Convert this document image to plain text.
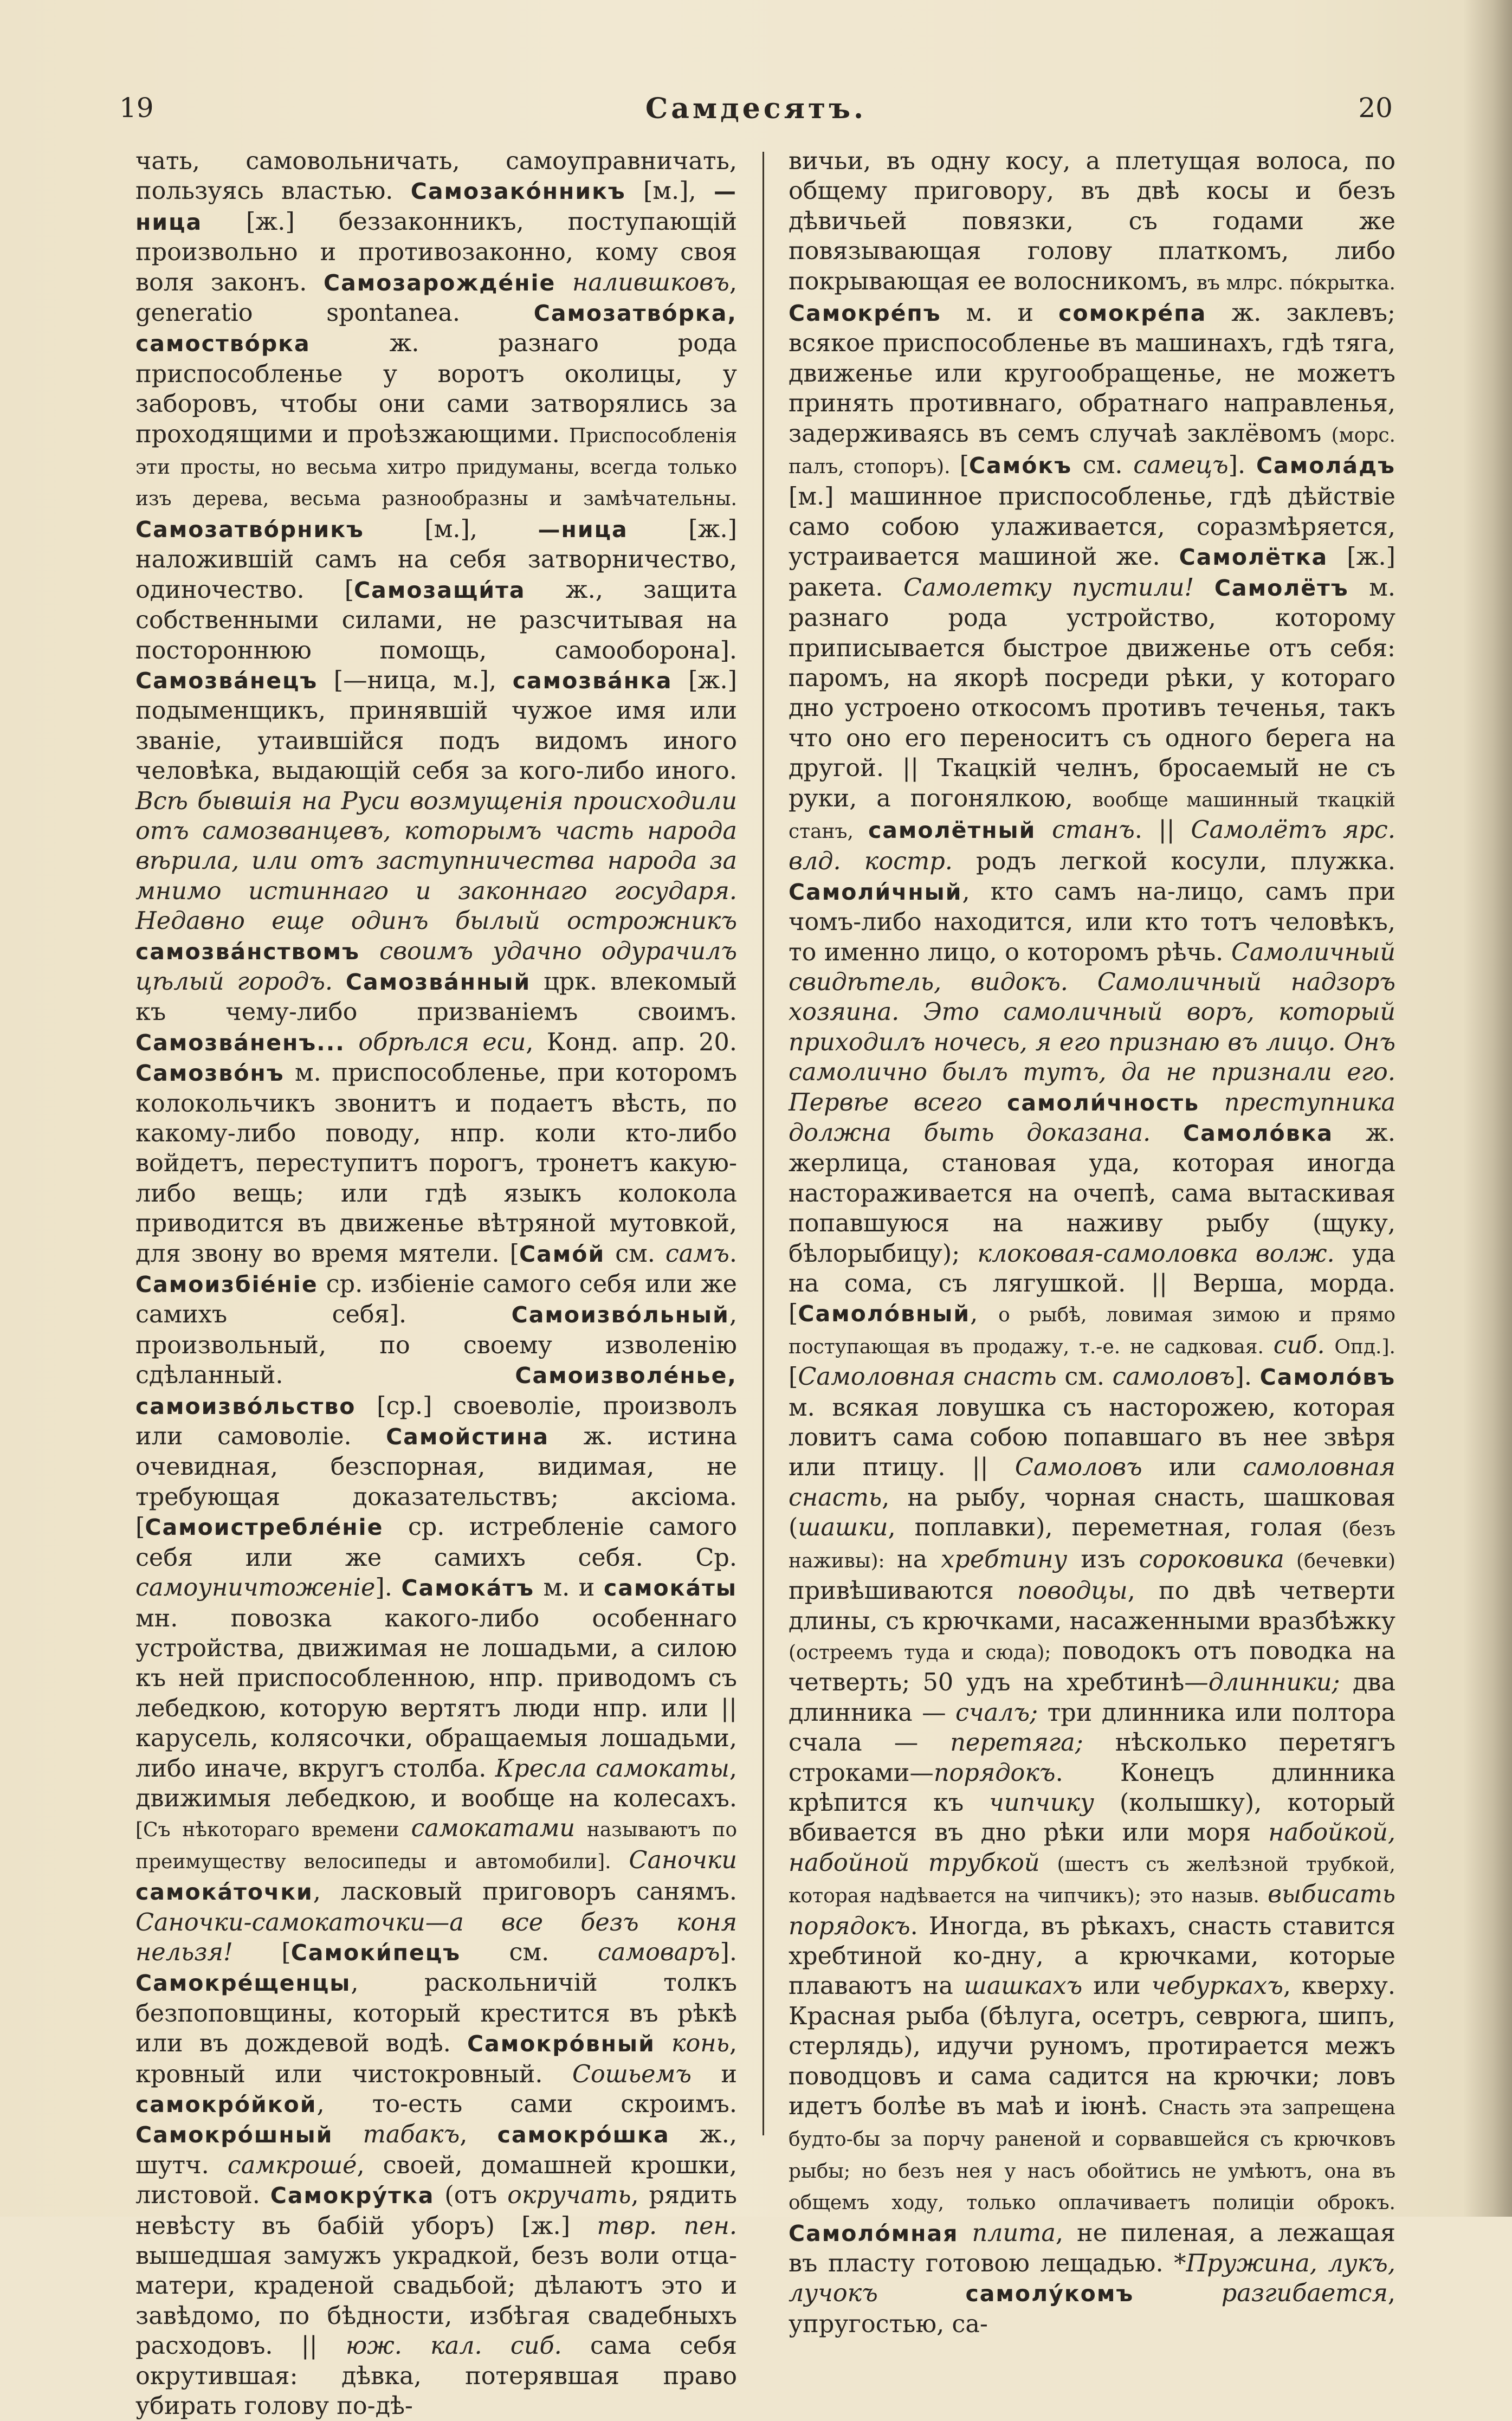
19	Самдесятъ.	20

чать, самовольничать, самоуправничать, пользуясь властью. Самозако́нникъ [м.], —ница [ж.] беззаконникъ, поступающій произвольно и противозаконно, кому своя воля законъ. Самозарожде́ніе налившковъ, generatio spontanea. Самозатво́рка, самоство́рка ж. разнаго рода приспособленье у воротъ околицы, у заборовъ, чтобы они сами затворялись за проходящими и проѣзжающими. Приспособленія эти просты, но весьма хитро придуманы, всегда только изъ дерева, весьма разнообразны и замѣчательны. Самозатво́рникъ [м.], —ница [ж.] наложившій самъ на себя затворничество, одиночество. [Самозащи́та ж., защита собственными силами, не разсчитывая на постороннюю помощь, самооборона]. Самозва́нецъ [—ница, м.], самозва́нка [ж.] подыменщикъ, принявшій чужое имя или званіе, утаившійся подъ видомъ иного человѣка, выдающій себя за кого-либо иного. Всѣ бывшія на Руси возмущенія происходили отъ самозванцевъ, которымъ часть народа вѣрила, или отъ заступничества народа за мнимо истиннаго и законнаго государя. Недавно еще одинъ былый острожникъ самозва́нствомъ своимъ удачно одурачилъ цѣлый городъ. Самозва́нный црк. влекомый къ чему-либо призваніемъ своимъ. Самозва́ненъ... обрѣлся еси, Конд. апр. 20. Самозво́нъ м. приспособленье, при которомъ колокольчикъ звонитъ и подаетъ вѣсть, по какому-либо поводу, нпр. коли кто-либо войдетъ, переступитъ порогъ, тронетъ какую-либо вещь; или гдѣ языкъ колокола приводится въ движенье вѣтряной мутовкой, для звону во время мятели. [Само́й см. самъ. Самоизбіе́ніе ср. избіеніе самого себя или же самихъ себя]. Самоизво́льный, произвольный, по своему изволенію сдѣланный. Самоизволе́нье, самоизво́льство [ср.] своеволіе, произволъ или самоволіе. Самойстина ж. истина очевидная, безспорная, видимая, не требующая доказательствъ; аксіома. [Самоистребле́ніе ср. истребленіе самого себя или же самихъ себя. Ср. самоуничтоженіе]. Самока́тъ м. и самока́ты мн. повозка какого-либо особеннаго устройства, движимая не лошадьми, а силою къ ней приспособленною, нпр. приводомъ съ лебедкою, которую вертятъ люди нпр. или || карусель, колясочки, обращаемыя лошадьми, либо иначе, вкругъ столба. Кресла самокаты, движимыя лебедкою, и вообще на колесахъ. [Съ нѣкотораго времени самокатами называютъ по преимуществу велосипеды и автомобили]. Саночки самока́точки, ласковый приговоръ санямъ. Саночки-самокаточки—а все безъ коня нельзя! [Самоки́пецъ см. самоваръ]. Самокре́щенцы, раскольничій толкъ безпоповщины, который крестится въ рѣкѣ или въ дождевой водѣ. Самокро́вный конь, кровный или чистокровный. Сошьемъ и самокро́йкой, то-есть сами скроимъ. Самокро́шный табакъ, самокро́шка ж., шутч. самкрошé, своей, домашней крошки, листовой. Самокру́тка (отъ окручать, рядить невѣсту въ бабій уборъ) [ж.] твр. пен. вышедшая замужъ украдкой, безъ воли отца-матери, краденой свадьбой; дѣлаютъ это и завѣдомо, по бѣдности, избѣгая свадебныхъ расходовъ. || юж. кал. сиб. сама себя окрутившая: дѣвка, потерявшая право убирать голову по-дѣ-

вичьи, въ одну косу, а плетущая волоса, по общему приговору, въ двѣ косы и безъ дѣвичьей повязки, съ годами же повязывающая голову платкомъ, либо покрывающая ее волосникомъ, въ млрс. пóкрытка. Самокре́пъ м. и сомокре́па ж. заклевъ; всякое приспособленье въ машинахъ, гдѣ тяга, движенье или кругообращенье, не можетъ принять противнаго, обратнаго направленья, задерживаясь въ семъ случаѣ заклёвомъ (морс. палъ, стопоръ). [Само́къ см. самецъ]. Самола́дъ [м.] машинное приспособленье, гдѣ дѣйствіе само собою улаживается, соразмѣряется, устраивается машиной же. Самолётка [ж.] ракета. Самолетку пустили! Самолётъ м. разнаго рода устройство, которому приписывается быстрое движенье отъ себя: паромъ, на якорѣ посреди рѣки, у котораго дно устроено откосомъ противъ теченья, такъ что оно его переноситъ съ одного берега на другой. || Ткацкій челнъ, бросаемый не съ руки, а погонялкою, вообще машинный ткацкій станъ, самолётный станъ. || Самолётъ ярс. влд. костр. родъ легкой косули, плужка. Самоли́чный, кто самъ на-лицо, самъ при чомъ-либо находится, или кто тотъ человѣкъ, то именно лицо, о которомъ рѣчь. Самоличный свидѣтель, видокъ. Самоличный надзоръ хозяина. Это самоличный воръ, который приходилъ ночесь, я его признаю въ лицо. Онъ самолично былъ тутъ, да не признали его. Первѣе всего самоли́чность преступника должна быть доказана. Самоло́вка ж. жерлица, становая уда, которая иногда настораживается на очепѣ, сама вытаскивая попавшуюся на наживу рыбу (щуку, бѣлорыбицу); клоковая-самоловка волж. уда на сома, съ лягушкой. || Верша, морда. [Самоло́вный, о рыбѣ, ловимая зимою и прямо поступающая въ продажу, т.-е. не садковая. сиб. Опд.]. [Самоловная снасть см. самоловъ]. Самоло́въ м. всякая ловушка съ насторожею, которая ловитъ сама собою попавшаго въ нее звѣря или птицу. || Самоловъ или самоловная снасть, на рыбу, чорная снасть, шашковая (шашки, поплавки), переметная, голая (безъ наживы): на хребтину изъ сороковика (бечевки) привѣшиваются поводцы, по двѣ четверти длины, съ крючками, насаженными вразбѣжку (остреемъ туда и сюда); поводокъ отъ поводка на четверть; 50 удъ на хребтинѣ—длинники; два длинника — счалъ; три длинника или полтора счала — перетяга; нѣсколько перетягъ строками—порядокъ. Конецъ длинника крѣпится къ чипчику (колышку), который вбивается въ дно рѣки или моря набойкой, набойной трубкой (шестъ съ желѣзной трубкой, которая надѣвается на чипчикъ); это назыв. выбисать порядокъ. Иногда, въ рѣкахъ, снасть ставится хребтиной ко-дну, а крючками, которые плаваютъ на шашкахъ или чебуркахъ, кверху. Красная рыба (бѣлуга, осетръ, севрюга, шипъ, стерлядь), идучи руномъ, протирается межъ поводцовъ и сама садится на крючки; ловъ идетъ болѣе въ маѣ и іюнѣ. Снасть эта запрещена будто-бы за порчу раненой и сорвавшейся съ крючковъ рыбы; но безъ нея у насъ обойтись не умѣютъ, она въ общемъ ходу, только оплачиваетъ полиціи оброкъ. Самоло́мная плита, не пиленая, а лежащая въ пласту готовою лещадью. *Пружина, лукъ, лучокъ самолу́комъ разгибается, упругостью, са-
